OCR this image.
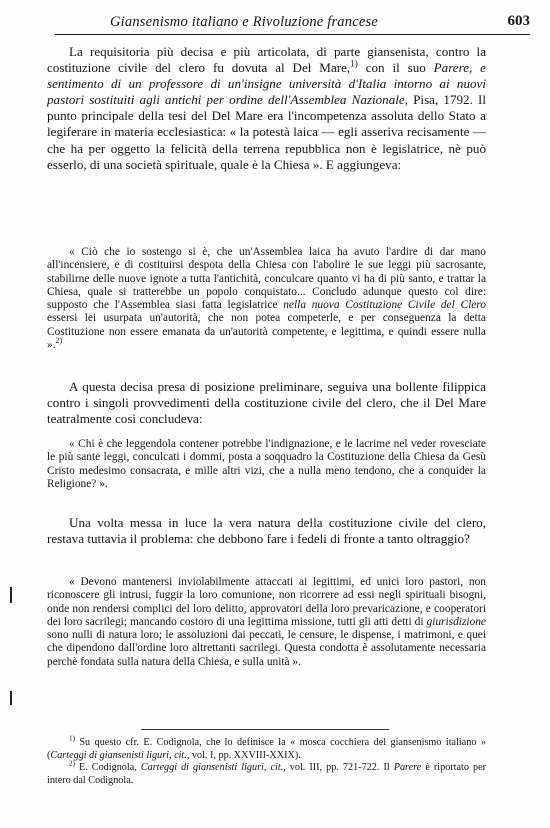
Giansenismo italiano e Rivoluzione francese	603

La requisitoria più decisa e più articolata, di parte giansenista, contro la costituzione civile del clero fu dovuta al Del Mare,$^{1)}$ con il suo Parere, e sentimento di un professore di un'insigne università d'Italia intorno ai nuovi pastori sostituiti agli antichi per ordine dell'Assemblea Nazionale, Pisa, 1792. Il punto principale della tesi del Del Mare era l'incompetenza assoluta dello Stato a legiferare in materia ecclesiastica: « la potestà laica — egli asseriva recisamente — che ha per oggetto la felicità della terrena repubblica non è legislatrice, nè può esserlo, di una società spirituale, quale è la Chiesa ». E aggiungeva:

« Ciò che io sostengo si è, che un'Assemblea laica ha avuto l'ardire di dar mano all'incensiere, e di costituirsi despota della Chiesa con l'abolire le sue leggi più sacrosante, stabilirne delle nuove ignote a tutta l'antichità, conculcare quanto vi ha di più santo, e trattar la Chiesa, quale si tratterebbe un popolo conquistato... Concludo adunque questo col dire: supposto che l'Assemblea siasi fatta legislatrice nella nuova Costituzione Civile del Clero essersi lei usurpata un'autorità, che non potea competerle, e per conseguenza la detta Costituzione non essere emanata da un'autorità competente, e legittima, e quindi essere nulla ».$^{2)}$

A questa decisa presa di posizione preliminare, seguiva una bollente filippica contro i singoli provvedimenti della costituzione civile del clero, che il Del Mare teatralmente così concludeva:

« Chi è che leggendola contener potrebbe l'indignazione, e le lacrime nel veder rovesciate le più sante leggi, conculcati i dommi, posta a soqquadro la Costituzione della Chiesa da Gesù Cristo medesimo consacrata, e mille altri vizi, che a nulla meno tendono, che a conquider la Religione? ».

Una volta messa in luce la vera natura della costituzione civile del clero, restava tuttavia il problema: che debbono fare i fedeli di fronte a tanto oltraggio?

« Devono mantenersi inviolabilmente attaccati ai legittimi, ed unici loro pastori, non riconoscere gli intrusi, fuggir la loro comunione, non ricorrere ad essi negli spirituali bisogni, onde non rendersi complici del loro delitto, approvatori della loro prevaricazione, e cooperatori dei loro sacrilegi; mancando costoro di una legittima missione, tutti gli atti detti di giurisdizione sono nulli di natura loro; le assoluzioni dai peccati, le censure, le dispense, i matrimoni, e quei che dipendono dall'ordine loro altrettanti sacrilegi. Questa condotta è assolutamente necessaria perchè fondata sulla natura della Chiesa, e sulla unità ».

$^{1)}$ Su questo cfr. E. Codignola, che lo definisce la « mosca cocchiera del giansenismo italiano » (Carteggi di giansenisti liguri, cit., vol. I, pp. XXVIII-XXIX).

$^{2)}$ E. Codignola, Carteggi di giansenisti liguri, cit., vol. III, pp. 721-722. Il Parere è riportato per intero dal Codignola.
